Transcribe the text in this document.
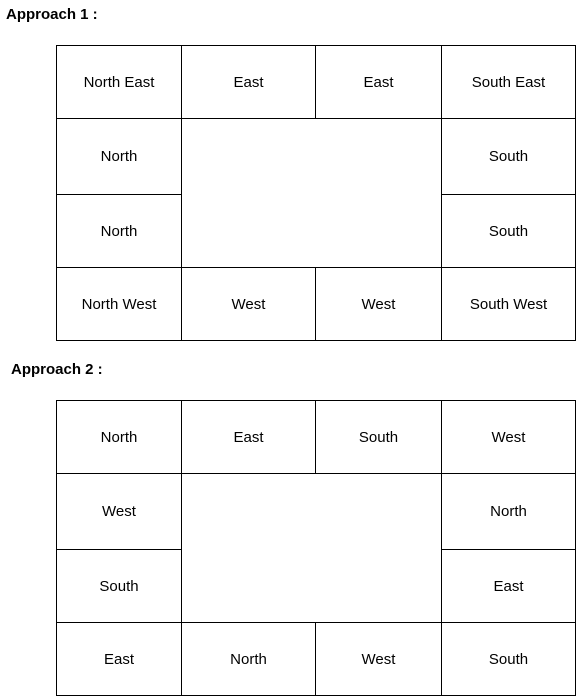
Approach 1 :
North East	East	East	South East
North	South
North	South
North West	West	West	South West
Approach 2 :
North	East	South	West
West	North
South	East
East	North	West	South
